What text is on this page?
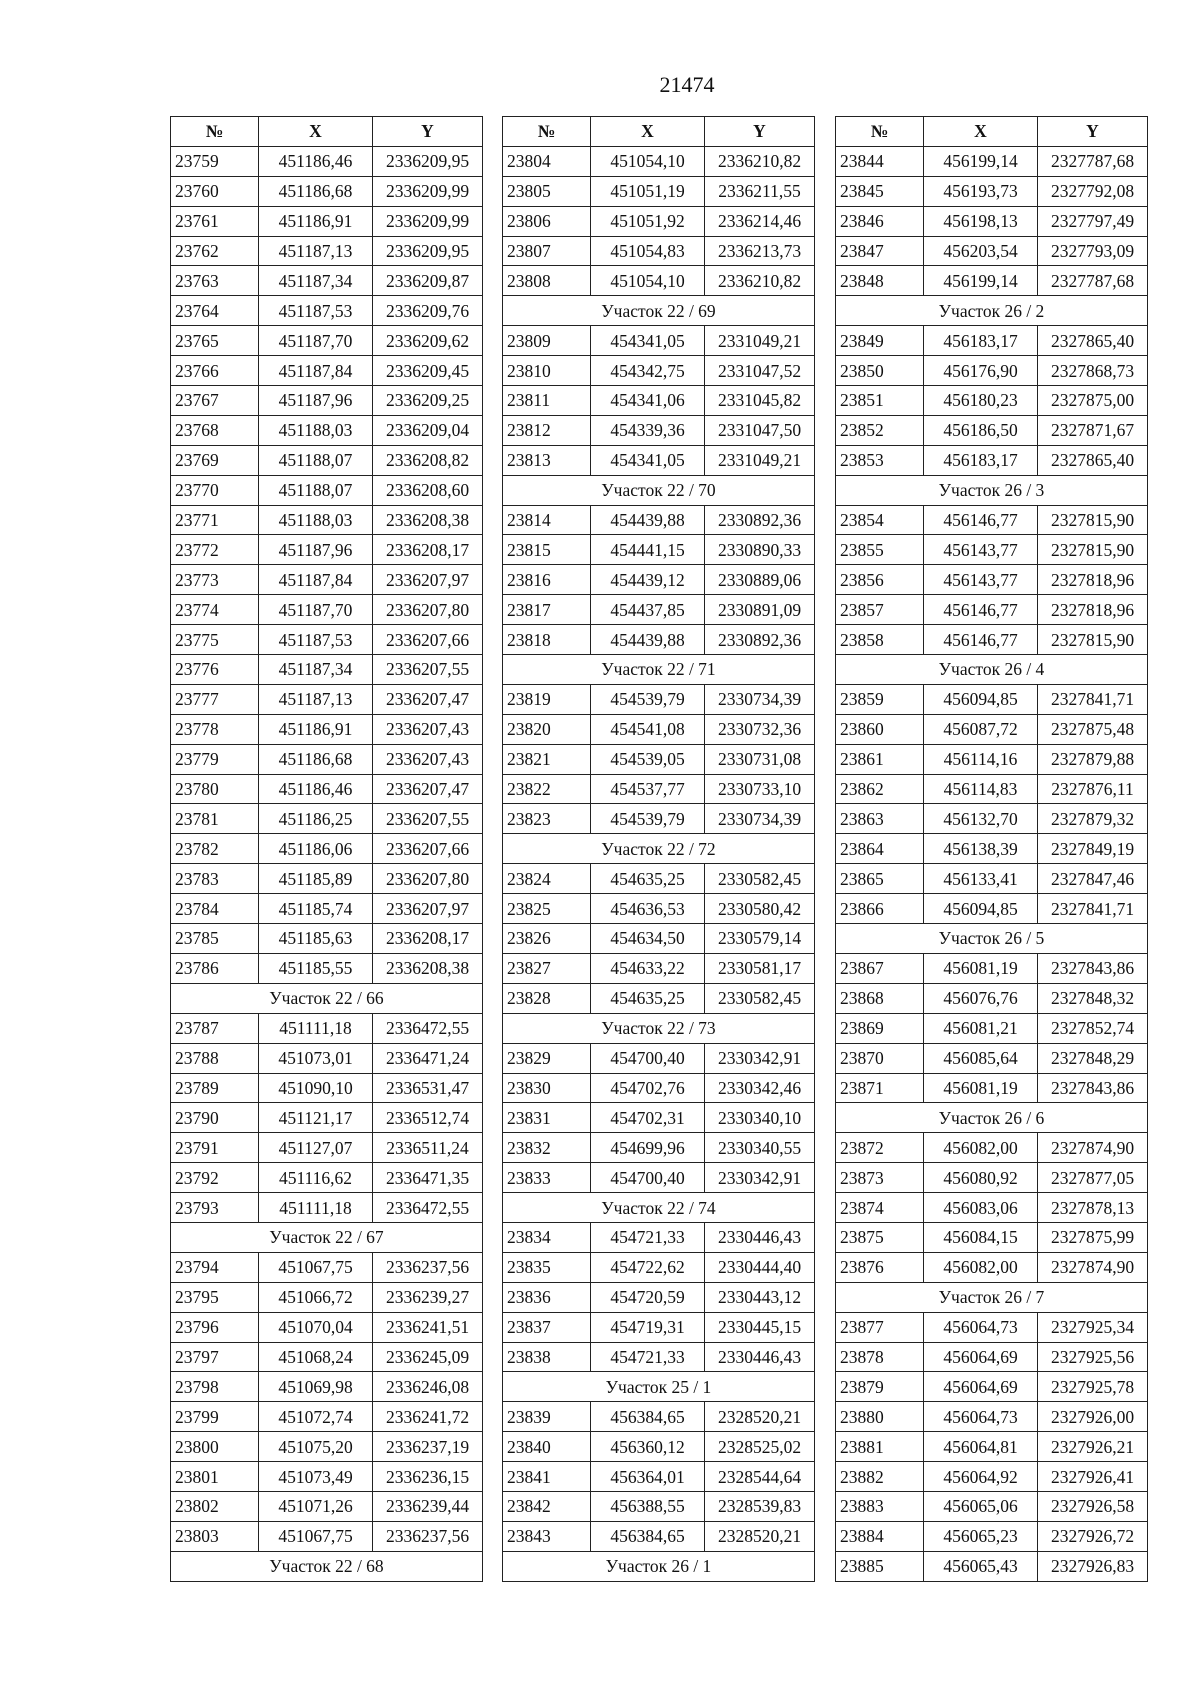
21474
№	X	Y
23759	451186,46	2336209,95
23760	451186,68	2336209,99
23761	451186,91	2336209,99
23762	451187,13	2336209,95
23763	451187,34	2336209,87
23764	451187,53	2336209,76
23765	451187,70	2336209,62
23766	451187,84	2336209,45
23767	451187,96	2336209,25
23768	451188,03	2336209,04
23769	451188,07	2336208,82
23770	451188,07	2336208,60
23771	451188,03	2336208,38
23772	451187,96	2336208,17
23773	451187,84	2336207,97
23774	451187,70	2336207,80
23775	451187,53	2336207,66
23776	451187,34	2336207,55
23777	451187,13	2336207,47
23778	451186,91	2336207,43
23779	451186,68	2336207,43
23780	451186,46	2336207,47
23781	451186,25	2336207,55
23782	451186,06	2336207,66
23783	451185,89	2336207,80
23784	451185,74	2336207,97
23785	451185,63	2336208,17
23786	451185,55	2336208,38
Участок 22 / 66		
23787	451111,18	2336472,55
23788	451073,01	2336471,24
23789	451090,10	2336531,47
23790	451121,17	2336512,74
23791	451127,07	2336511,24
23792	451116,62	2336471,35
23793	451111,18	2336472,55
Участок 22 / 67		
23794	451067,75	2336237,56
23795	451066,72	2336239,27
23796	451070,04	2336241,51
23797	451068,24	2336245,09
23798	451069,98	2336246,08
23799	451072,74	2336241,72
23800	451075,20	2336237,19
23801	451073,49	2336236,15
23802	451071,26	2336239,44
23803	451067,75	2336237,56
Участок 22 / 68		
№	X	Y
23804	451054,10	2336210,82
23805	451051,19	2336211,55
23806	451051,92	2336214,46
23807	451054,83	2336213,73
23808	451054,10	2336210,82
Участок 22 / 69		
23809	454341,05	2331049,21
23810	454342,75	2331047,52
23811	454341,06	2331045,82
23812	454339,36	2331047,50
23813	454341,05	2331049,21
Участок 22 / 70		
23814	454439,88	2330892,36
23815	454441,15	2330890,33
23816	454439,12	2330889,06
23817	454437,85	2330891,09
23818	454439,88	2330892,36
Участок 22 / 71		
23819	454539,79	2330734,39
23820	454541,08	2330732,36
23821	454539,05	2330731,08
23822	454537,77	2330733,10
23823	454539,79	2330734,39
Участок 22 / 72		
23824	454635,25	2330582,45
23825	454636,53	2330580,42
23826	454634,50	2330579,14
23827	454633,22	2330581,17
23828	454635,25	2330582,45
Участок 22 / 73		
23829	454700,40	2330342,91
23830	454702,76	2330342,46
23831	454702,31	2330340,10
23832	454699,96	2330340,55
23833	454700,40	2330342,91
Участок 22 / 74		
23834	454721,33	2330446,43
23835	454722,62	2330444,40
23836	454720,59	2330443,12
23837	454719,31	2330445,15
23838	454721,33	2330446,43
Участок 25 / 1		
23839	456384,65	2328520,21
23840	456360,12	2328525,02
23841	456364,01	2328544,64
23842	456388,55	2328539,83
23843	456384,65	2328520,21
Участок 26 / 1		
№	X	Y
23844	456199,14	2327787,68
23845	456193,73	2327792,08
23846	456198,13	2327797,49
23847	456203,54	2327793,09
23848	456199,14	2327787,68
Участок 26 / 2		
23849	456183,17	2327865,40
23850	456176,90	2327868,73
23851	456180,23	2327875,00
23852	456186,50	2327871,67
23853	456183,17	2327865,40
Участок 26 / 3		
23854	456146,77	2327815,90
23855	456143,77	2327815,90
23856	456143,77	2327818,96
23857	456146,77	2327818,96
23858	456146,77	2327815,90
Участок 26 / 4		
23859	456094,85	2327841,71
23860	456087,72	2327875,48
23861	456114,16	2327879,88
23862	456114,83	2327876,11
23863	456132,70	2327879,32
23864	456138,39	2327849,19
23865	456133,41	2327847,46
23866	456094,85	2327841,71
Участок 26 / 5		
23867	456081,19	2327843,86
23868	456076,76	2327848,32
23869	456081,21	2327852,74
23870	456085,64	2327848,29
23871	456081,19	2327843,86
Участок 26 / 6		
23872	456082,00	2327874,90
23873	456080,92	2327877,05
23874	456083,06	2327878,13
23875	456084,15	2327875,99
23876	456082,00	2327874,90
Участок 26 / 7		
23877	456064,73	2327925,34
23878	456064,69	2327925,56
23879	456064,69	2327925,78
23880	456064,73	2327926,00
23881	456064,81	2327926,21
23882	456064,92	2327926,41
23883	456065,06	2327926,58
23884	456065,23	2327926,72
23885	456065,43	2327926,83
